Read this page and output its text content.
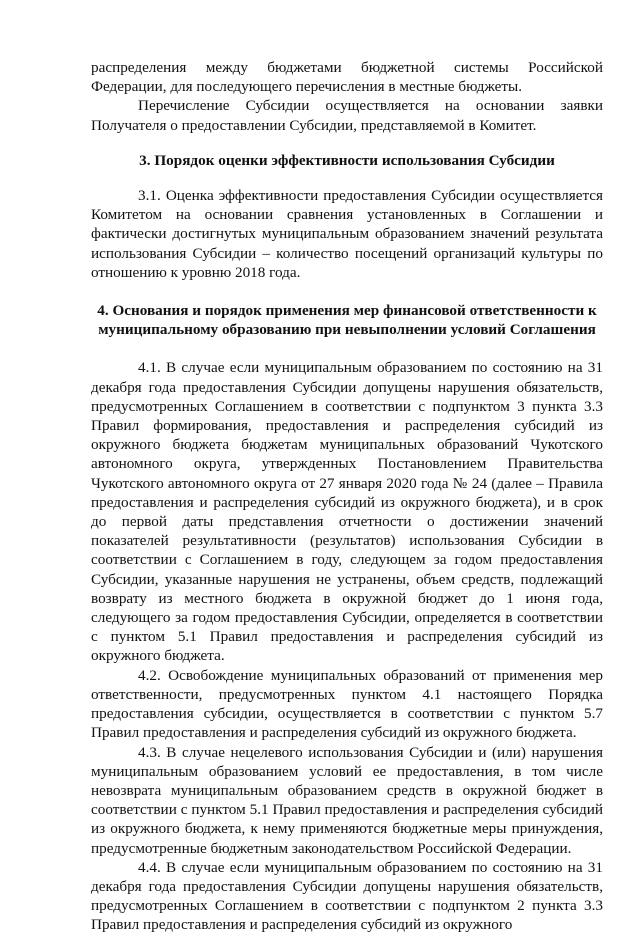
распределения между бюджетами бюджетной системы Российской Федерации, для последующего перечисления в местные бюджеты.

Перечисление Субсидии осуществляется на основании заявки Получателя о предоставлении Субсидии, представляемой в Комитет.

3. Порядок оценки эффективности использования Субсидии

3.1. Оценка эффективности предоставления Субсидии осуществляется Комитетом на основании сравнения установленных в Соглашении и фактически достигнутых муниципальным образованием значений результата использования Субсидии – количество посещений организаций культуры по отношению к уровню 2018 года.

4. Основания и порядок применения мер финансовой ответственности к муниципальному образованию при невыполнении условий Соглашения

4.1. В случае если муниципальным образованием по состоянию на 31 декабря года предоставления Субсидии допущены нарушения обязательств, предусмотренных Соглашением в соответствии с подпунктом 3 пункта 3.3 Правил формирования, предоставления и распределения субсидий из окружного бюджета бюджетам муниципальных образований Чукотского автономного округа, утвержденных Постановлением Правительства Чукотского автономного округа от 27 января 2020 года № 24 (далее – Правила предоставления и распределения субсидий из окружного бюджета), и в срок до первой даты представления отчетности о достижении значений показателей результативности (результатов) использования Субсидии в соответствии с Соглашением в году, следующем за годом предоставления Субсидии, указанные нарушения не устранены, объем средств, подлежащий возврату из местного бюджета в окружной бюджет до 1 июня года, следующего за годом предоставления Субсидии, определяется в соответствии с пунктом 5.1 Правил предоставления и распределения субсидий из окружного бюджета.

4.2. Освобождение муниципальных образований от применения мер ответственности, предусмотренных пунктом 4.1 настоящего Порядка предоставления субсидии, осуществляется в соответствии с пунктом 5.7 Правил предоставления и распределения субсидий из окружного бюджета.

4.3. В случае нецелевого использования Субсидии и (или) нарушения муниципальным образованием условий ее предоставления, в том числе невозврата муниципальным образованием средств в окружной бюджет в соответствии с пунктом 5.1 Правил предоставления и распределения субсидий из окружного бюджета, к нему применяются бюджетные меры принуждения, предусмотренные бюджетным законодательством Российской Федерации.

4.4. В случае если муниципальным образованием по состоянию на 31 декабря года предоставления Субсидии допущены нарушения обязательств, предусмотренных Соглашением в соответствии с подпунктом 2 пункта 3.3 Правил предоставления и распределения субсидий из окружного
